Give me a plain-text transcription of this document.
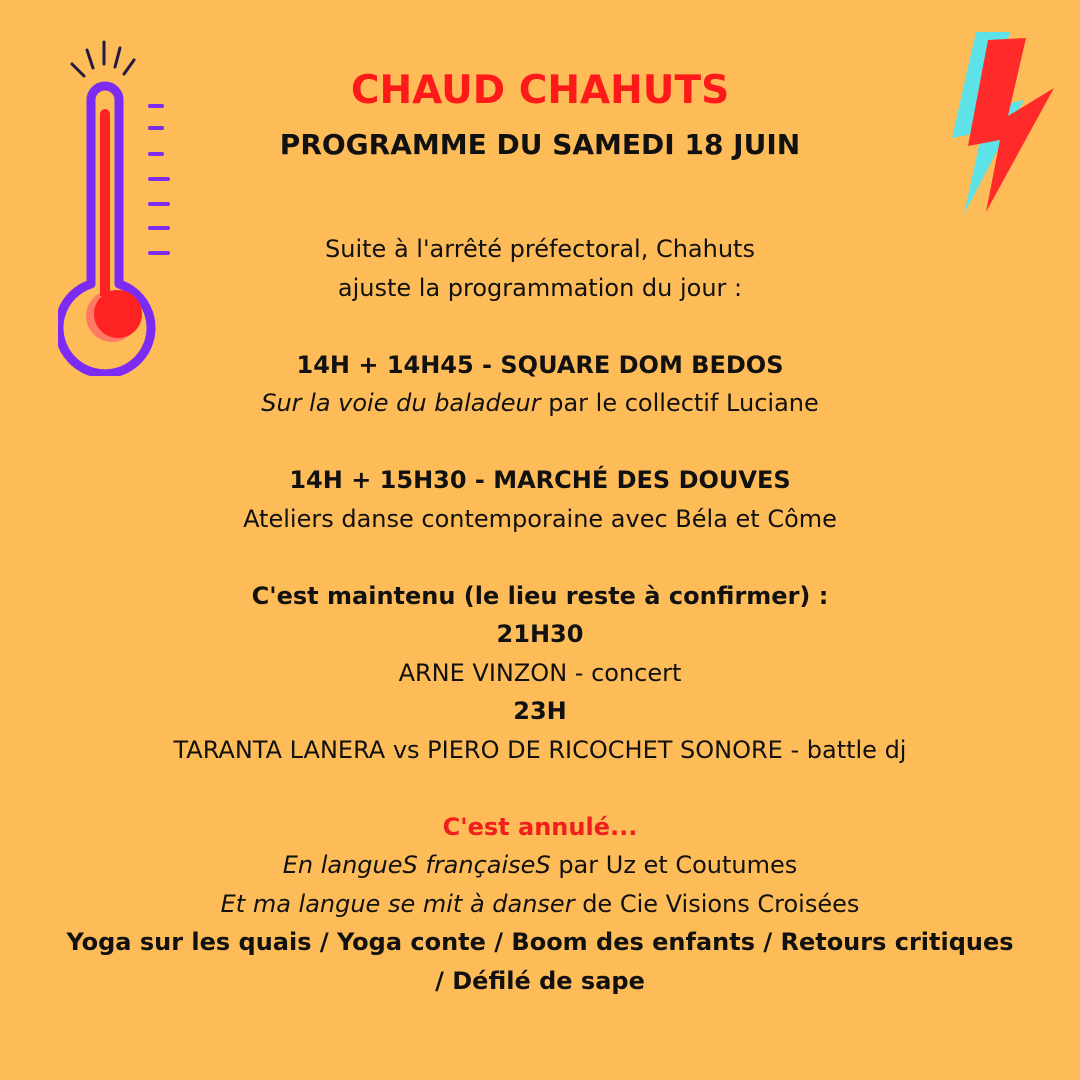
CHAUD CHAHUTS
PROGRAMME DU SAMEDI 18 JUIN
Suite à l'arrêté préfectoral, Chahuts
ajuste la programmation du jour :
14H + 14H45 - SQUARE DOM BEDOS
Sur la voie du baladeur par le collectif Luciane
14H + 15H30 - MARCHÉ DES DOUVES
Ateliers danse contemporaine avec Béla et Côme
C'est maintenu (le lieu reste à confirmer) :
21H30
ARNE VINZON - concert
23H
TARANTA LANERA vs PIERO DE RICOCHET SONORE - battle dj
C'est annulé...
En langueS françaiseS par Uz et Coutumes
Et ma langue se mit à danser de Cie Visions Croisées
Yoga sur les quais / Yoga conte / Boom des enfants / Retours critiques / Défilé de sape
